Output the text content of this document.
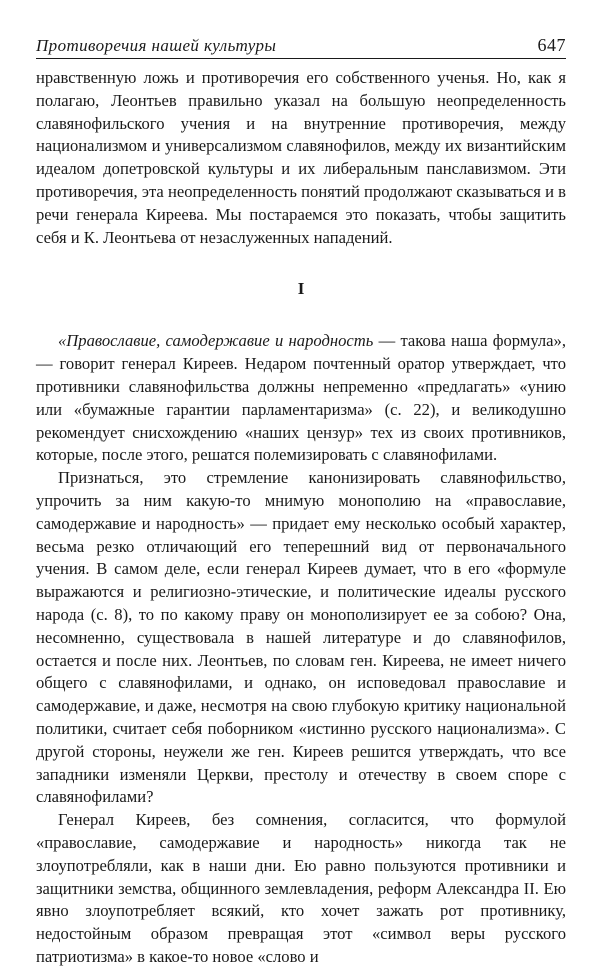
Противоречия нашей культуры	647

нравственную ложь и противоречия его собственного ученья. Но, как я полагаю, Леонтьев правильно указал на большую неопределенность славянофильского учения и на внутренние противоречия, между национализмом и универсализмом славянофилов, между их византийским идеалом допетровской культуры и их либеральным панславизмом. Эти противоречия, эта неопределенность понятий продолжают сказываться и в речи генерала Киреева. Мы постараемся это показать, чтобы защитить себя и К. Леонтьева от незаслуженных нападений.

I

«Православие, самодержавие и народность — такова наша формула», — говорит генерал Киреев. Недаром почтенный оратор утверждает, что противники славянофильства должны непременно «предлагать» «унию или «бумажные гарантии парламентаризма» (с. 22), и великодушно рекомендует снисхождению «наших цензур» тех из своих противников, которые, после этого, решатся полемизировать с славянофилами.

Признаться, это стремление канонизировать славянофильство, упрочить за ним какую-то мнимую монополию на «православие, самодержавие и народность» — придает ему несколько особый характер, весьма резко отличающий его теперешний вид от первоначального учения. В самом деле, если генерал Киреев думает, что в его «формуле выражаются и религиозно-этические, и политические идеалы русского народа (с. 8), то по какому праву он монополизирует ее за собою? Она, несомненно, существовала в нашей литературе и до славянофилов, остается и после них. Леонтьев, по словам ген. Киреева, не имеет ничего общего с славянофилами, и однако, он исповедовал православие и самодержавие, и даже, несмотря на свою глубокую критику национальной политики, считает себя поборником «истинно русского национализма». С другой стороны, неужели же ген. Киреев решится утверждать, что все западники изменяли Церкви, престолу и отечеству в своем споре с славянофилами?

Генерал Киреев, без сомнения, согласится, что формулой «православие, самодержавие и народность» никогда так не злоупотребляли, как в наши дни. Ею равно пользуются противники и защитники земства, общинного землевладения, реформ Александра II. Ею явно злоупотребляет всякий, кто хочет зажать рот противнику, недостойным образом превращая этот «символ веры русского патриотизма» в какое-то новое «слово и
